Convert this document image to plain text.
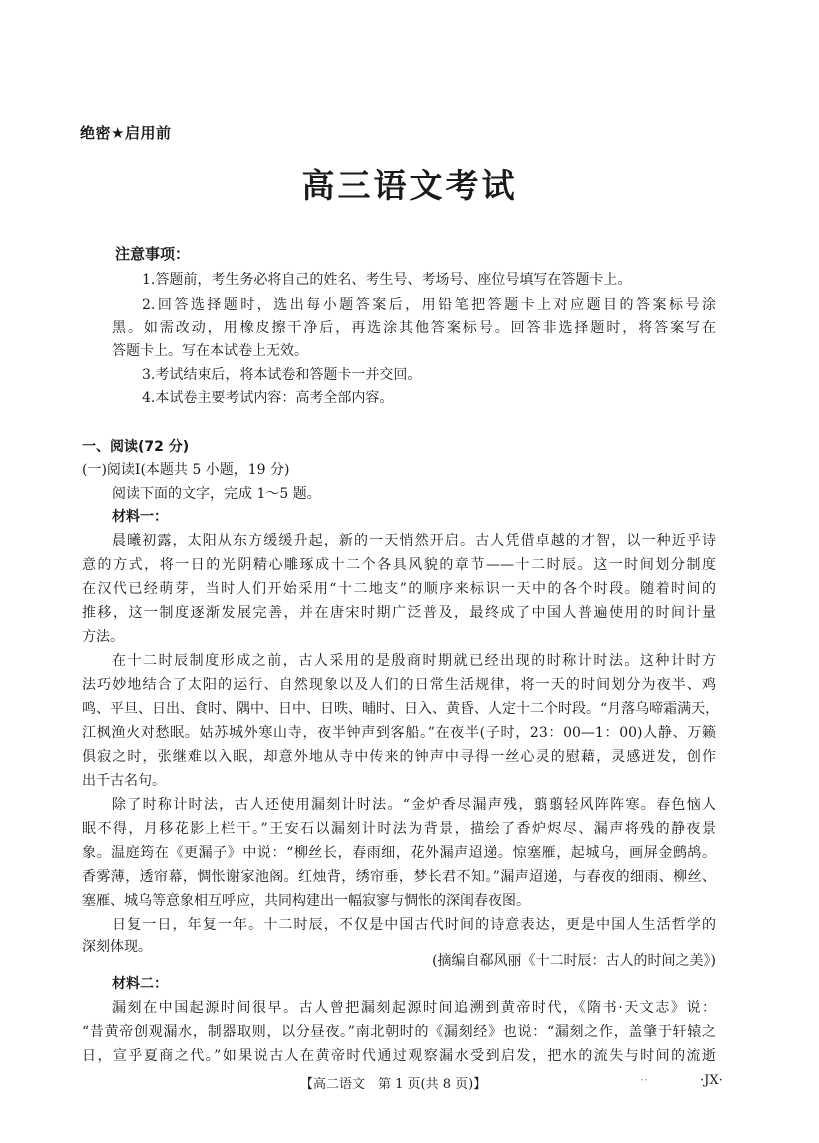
绝密★启用前
高三语文考试
注意事项：
1.答题前，考生务必将自己的姓名、考生号、考场号、座位号填写在答题卡上。
2.回答选择题时，选出每小题答案后，用铅笔把答题卡上对应题目的答案标号涂
黑。如需改动，用橡皮擦干净后，再选涂其他答案标号。回答非选择题时，将答案写在
答题卡上。写在本试卷上无效。
3.考试结束后，将本试卷和答题卡一并交回。
4.本试卷主要考试内容：高考全部内容。
一、阅读(72 分)
(一)阅读Ⅰ(本题共 5 小题，19 分)
阅读下面的文字，完成 1～5 题。
材料一：
晨曦初露，太阳从东方缓缓升起，新的一天悄然开启。古人凭借卓越的才智，以一种近乎诗
意的方式，将一日的光阴精心雕琢成十二个各具风貌的章节——十二时辰。这一时间划分制度
在汉代已经萌芽，当时人们开始采用“十二地支”的顺序来标识一天中的各个时段。随着时间的
推移，这一制度逐渐发展完善，并在唐宋时期广泛普及，最终成了中国人普遍使用的时间计量
方法。
在十二时辰制度形成之前，古人采用的是殷商时期就已经出现的时称计时法。这种计时方
法巧妙地结合了太阳的运行、自然现象以及人们的日常生活规律，将一天的时间划分为夜半、鸡
鸣、平旦、日出、食时、隅中、日中、日昳、晡时、日入、黄昏、人定十二个时段。“月落乌啼霜满天，
江枫渔火对愁眠。姑苏城外寒山寺，夜半钟声到客船。”在夜半(子时，23：00—1：00)人静、万籁
俱寂之时，张继难以入眠，却意外地从寺中传来的钟声中寻得一丝心灵的慰藉，灵感迸发，创作
出千古名句。
除了时称计时法，古人还使用漏刻计时法。“金炉香尽漏声残，翦翦轻风阵阵寒。春色恼人
眠不得，月移花影上栏干。”王安石以漏刻计时法为背景，描绘了香炉烬尽、漏声将残的静夜景
象。温庭筠在《更漏子》中说：“柳丝长，春雨细，花外漏声迢递。惊塞雁，起城乌，画屏金鹧鸪。
香雾薄，透帘幕，惆怅谢家池阁。红烛背，绣帘垂，梦长君不知。”漏声迢递，与春夜的细雨、柳丝、
塞雁、城乌等意象相互呼应，共同构建出一幅寂寥与惆怅的深闺春夜图。
日复一日，年复一年。十二时辰，不仅是中国古代时间的诗意表达，更是中国人生活哲学的
深刻体现。
(摘编自郗风丽《十二时辰：古人的时间之美》)
材料二：
漏刻在中国起源时间很早。古人曾把漏刻起源时间追溯到黄帝时代，《隋书·天文志》说：
“昔黄帝创观漏水，制器取则，以分昼夜。”南北朝时的《漏刻经》也说：“漏刻之作，盖肇于轩辕之
日，宣乎夏商之代。”如果说古人在黄帝时代通过观察漏水受到启发，把水的流失与时间的流逝
【高二语文　第 1 页(共 8 页)】	··	·JX·
